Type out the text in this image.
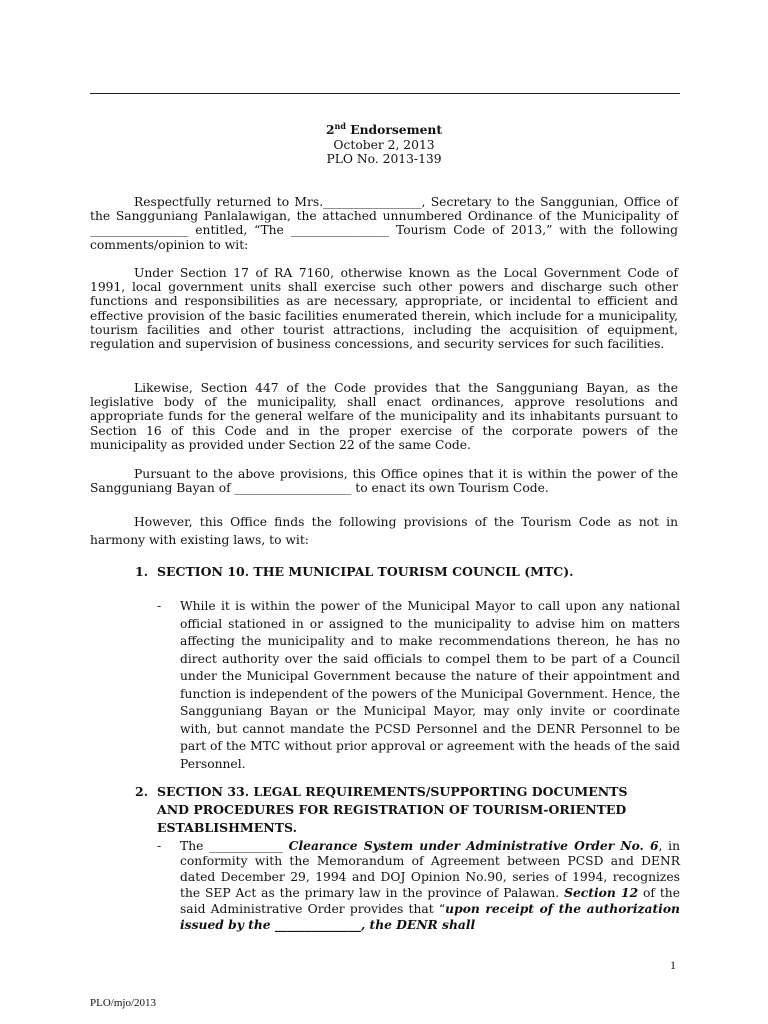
2nd Endorsement
October 2, 2013
PLO No. 2013-139

Respectfully returned to Mrs.________________, Secretary to the Sanggunian, Office of the Sangguniang Panlalawigan, the attached unnumbered Ordinance of the Municipality of ________________ entitled, “The ________________ Tourism Code of 2013,” with the following comments/opinion to wit:

Under Section 17 of RA 7160, otherwise known as the Local Government Code of 1991, local government units shall exercise such other powers and discharge such other functions and responsibilities as are necessary, appropriate, or incidental to efficient and effective provision of the basic facilities enumerated therein, which include for a municipality, tourism facilities and other tourist attractions, including the acquisition of equipment, regulation and supervision of business concessions, and security services for such facilities.

Likewise, Section 447 of the Code provides that the Sangguniang Bayan, as the legislative body of the municipality, shall enact ordinances, approve resolutions and appropriate funds for the general welfare of the municipality and its inhabitants pursuant to Section 16 of this Code and in the proper exercise of the corporate powers of the municipality as provided under Section 22 of the same Code.

Pursuant to the above provisions, this Office opines that it is within the power of the Sangguniang Bayan of ___________________ to enact its own Tourism Code.

However, this Office finds the following provisions of the Tourism Code as not in harmony with existing laws, to wit:

1. SECTION 10. THE MUNICIPAL TOURISM COUNCIL (MTC).
-	While it is within the power of the Municipal Mayor to call upon any national official stationed in or assigned to the municipality to advise him on matters affecting the municipality and to make recommendations thereon, he has no direct authority over the said officials to compel them to be part of a Council under the Municipal Government because the nature of their appointment and function is independent of the powers of the Municipal Government. Hence, the Sangguniang Bayan or the Municipal Mayor, may only invite or coordinate with, but cannot mandate the PCSD Personnel and the DENR Personnel to be part of the MTC without prior approval or agreement with the heads of the said Personnel.
2. SECTION 33. LEGAL REQUIREMENTS/SUPPORTING DOCUMENTS
AND PROCEDURES FOR REGISTRATION OF TOURISM-ORIENTED ESTABLISHMENTS.
-	The ____________ Clearance System under Administrative Order No. 6, in conformity with the Memorandum of Agreement between PCSD and DENR dated December 29, 1994 and DOJ Opinion No.90, series of 1994, recognizes the SEP Act as the primary law in the province of Palawan. Section 12 of the said Administrative Order provides that “upon receipt of the authorization issued by the ______________, the DENR shall
1
PLO/mjo/2013
